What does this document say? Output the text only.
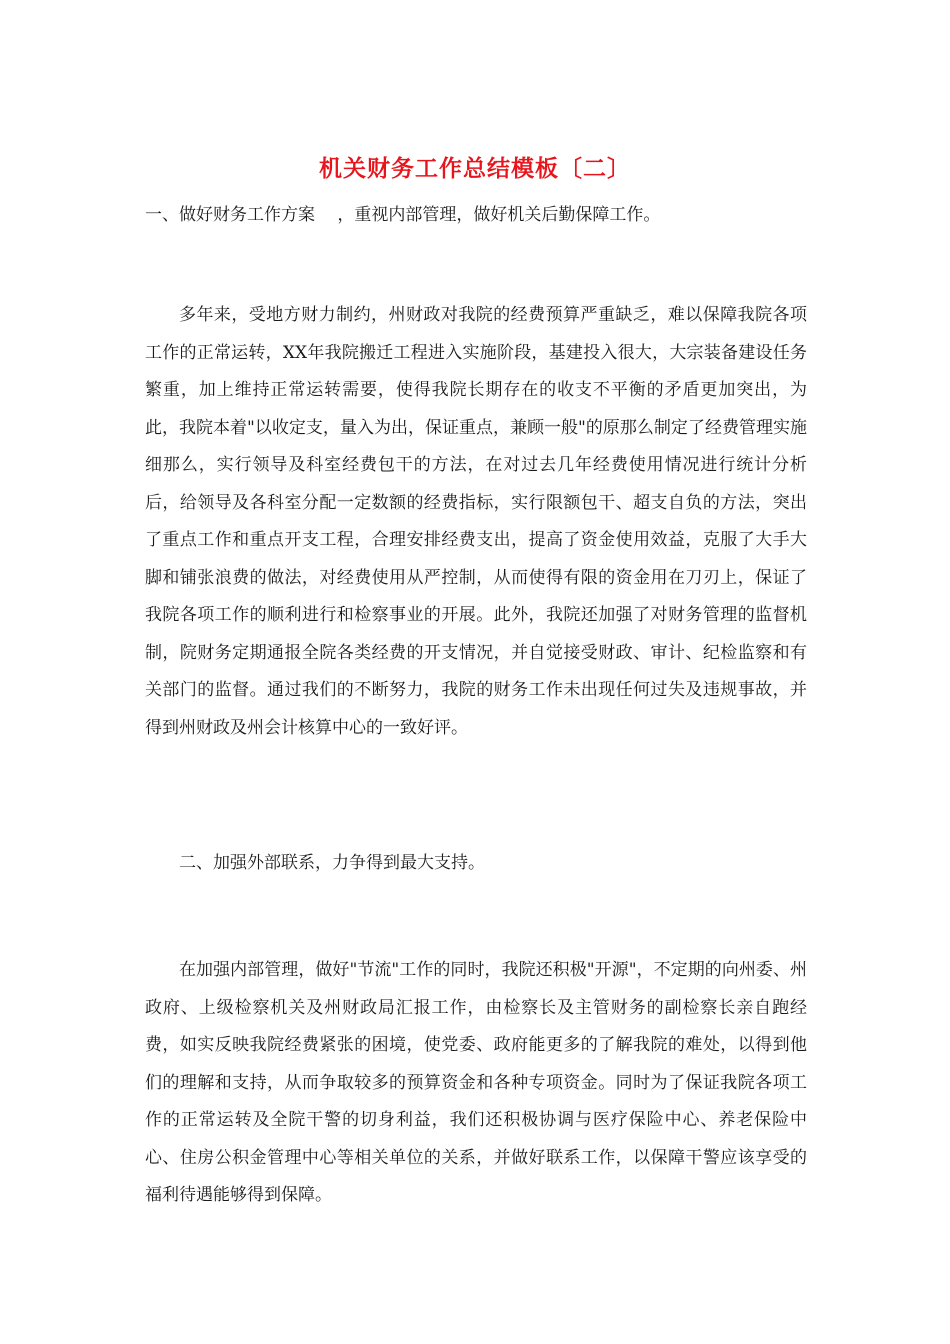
机关财务工作总结模板〔二〕

一、做好财务工作方案　 ，重视内部管理，做好机关后勤保障工作。

多年来，受地方财力制约，州财政对我院的经费预算严重缺乏，难以保障我院各项工作的正常运转，XX年我院搬迁工程进入实施阶段，基建投入很大，大宗装备建设任务繁重，加上维持正常运转需要，使得我院长期存在的收支不平衡的矛盾更加突出，为此，我院本着"以收定支，量入为出，保证重点，兼顾一般"的原那么制定了经费管理实施细那么，实行领导及科室经费包干的方法，在对过去几年经费使用情况进行统计分析后，给领导及各科室分配一定数额的经费指标，实行限额包干、超支自负的方法，突出了重点工作和重点开支工程，合理安排经费支出，提高了资金使用效益，克服了大手大脚和铺张浪费的做法，对经费使用从严控制，从而使得有限的资金用在刀刃上，保证了我院各项工作的顺利进行和检察事业的开展。此外，我院还加强了对财务管理的监督机制，院财务定期通报全院各类经费的开支情况，并自觉接受财政、审计、纪检监察和有关部门的监督。通过我们的不断努力，我院的财务工作未出现任何过失及违规事故，并得到州财政及州会计核算中心的一致好评。

二、加强外部联系，力争得到最大支持。

在加强内部管理，做好"节流"工作的同时，我院还积极"开源"，不定期的向州委、州政府、上级检察机关及州财政局汇报工作，由检察长及主管财务的副检察长亲自跑经费，如实反映我院经费紧张的困境，使党委、政府能更多的了解我院的难处，以得到他们的理解和支持，从而争取较多的预算资金和各种专项资金。同时为了保证我院各项工作的正常运转及全院干警的切身利益，我们还积极协调与医疗保险中心、养老保险中心、住房公积金管理中心等相关单位的关系，并做好联系工作，以保障干警应该享受的福利待遇能够得到保障。
